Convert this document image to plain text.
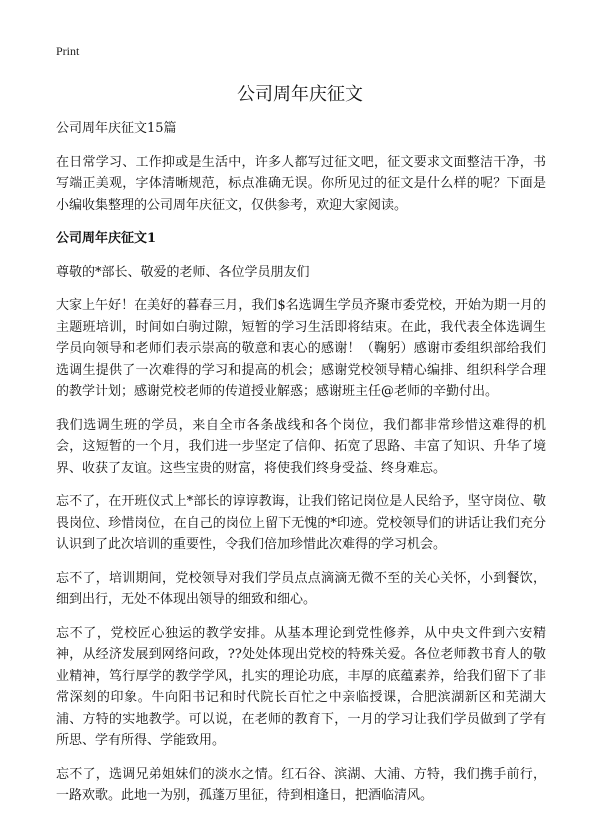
Print
公司周年庆征文

公司周年庆征文15篇

在日常学习、工作抑或是生活中，许多人都写过征文吧，征文要求文面整洁干净，书写端正美观，字体清晰规范，标点准确无误。你所见过的征文是什么样的呢？下面是小编收集整理的公司周年庆征文，仅供参考，欢迎大家阅读。

公司周年庆征文1

尊敬的*部长、敬爱的老师、各位学员朋友们

大家上午好！在美好的暮春三月，我们$名选调生学员齐聚市委党校，开始为期一月的主题班培训，时间如白驹过隙，短暂的学习生活即将结束。在此，我代表全体选调生学员向领导和老师们表示崇高的敬意和衷心的感谢！（鞠躬）感谢市委组织部给我们选调生提供了一次难得的学习和提高的机会；感谢党校领导精心编排、组织科学合理的教学计划；感谢党校老师的传道授业解惑；感谢班主任@老师的辛勤付出。

我们选调生班的学员，来自全市各条战线和各个岗位，我们都非常珍惜这难得的机会，这短暂的一个月，我们进一步坚定了信仰、拓宽了思路、丰富了知识、升华了境界、收获了友谊。这些宝贵的财富，将使我们终身受益、终身难忘。

忘不了，在开班仪式上*部长的谆谆教诲，让我们铭记岗位是人民给予，坚守岗位、敬畏岗位、珍惜岗位，在自己的岗位上留下无愧的*印迹。党校领导们的讲话让我们充分认识到了此次培训的重要性，令我们倍加珍惜此次难得的学习机会。

忘不了，培训期间，党校领导对我们学员点点滴滴无微不至的关心关怀，小到餐饮，细到出行，无处不体现出领导的细致和细心。

忘不了，党校匠心独运的教学安排。从基本理论到党性修养，从中央文件到六安精神，从经济发展到网络问政，??处处体现出党校的特殊关爱。各位老师教书育人的敬业精神，笃行厚学的教学学风，扎实的理论功底，丰厚的底蕴素养，给我们留下了非常深刻的印象。牛向阳书记和时代院长百忙之中亲临授课，合肥滨湖新区和芜湖大浦、方特的实地教学。可以说，在老师的教育下，一月的学习让我们学员做到了学有所思、学有所得、学能致用。

忘不了，选调兄弟姐妹们的淡水之情。红石谷、滨湖、大浦、方特，我们携手前行，一路欢歌。此地一为别，孤蓬万里征，待到相逢日，把酒临清风。
